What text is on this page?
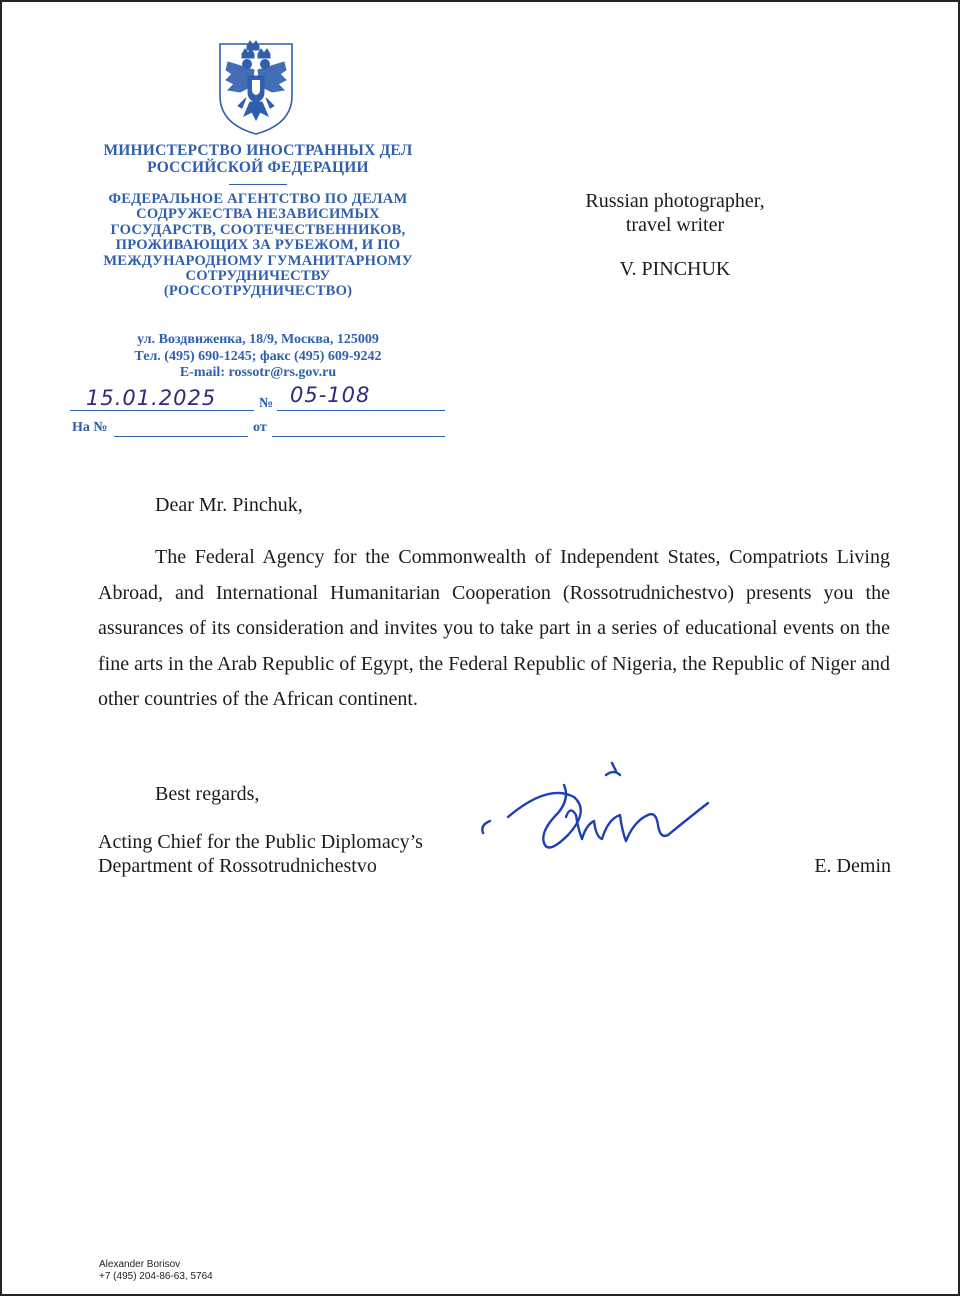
МИНИСТЕРСТВО ИНОСТРАННЫХ ДЕЛ
РОССИЙСКОЙ ФЕДЕРАЦИИ
ФЕДЕРАЛЬНОЕ АГЕНТСТВО ПО ДЕЛАМ
СОДРУЖЕСТВА НЕЗАВИСИМЫХ
ГОСУДАРСТВ, СООТЕЧЕСТВЕННИКОВ,
ПРОЖИВАЮЩИХ ЗА РУБЕЖОМ, И ПО
МЕЖДУНАРОДНОМУ ГУМАНИТАРНОМУ
СОТРУДНИЧЕСТВУ
(РОССОТРУДНИЧЕСТВО)
ул. Воздвиженка, 18/9, Москва, 125009
Тел. (495) 690-1245; факс (495) 609-9242
E-mail: rossotr@rs.gov.ru
15.01.2025	№ 05-108
На №	от
Russian photographer,
travel writer
V. PINCHUK
Dear Mr. Pinchuk,

The Federal Agency for the Commonwealth of Independent States, Compatriots Living Abroad, and International Humanitarian Cooperation (Rossotrudnichestvo) presents you the assurances of its consideration and invites you to take part in a series of educational events on the fine arts in the Arab Republic of Egypt, the Federal Republic of Nigeria, the Republic of Niger and other countries of the African continent.

Best regards,
Acting Chief for the Public Diplomacy’s
Department of Rossotrudnichestvo	E. Demin
Alexander Borisov
+7 (495) 204-86-63, 5764
